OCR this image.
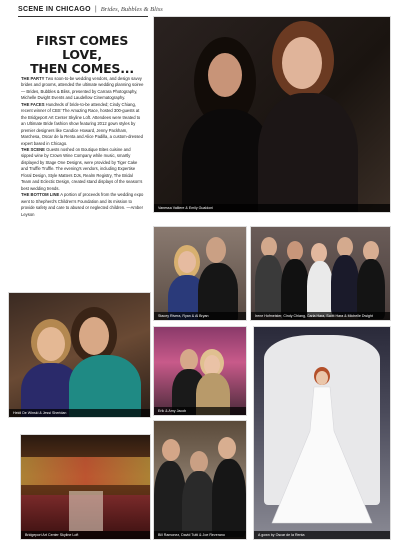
SCENE IN CHICAGO | Brides, Bubbles & Bliss
FIRST COMES LOVE,
THEN COMES...

THE PARTY Two soon-to-be wedding vendors, and design savvy brides and grooms, attended the ultimate wedding planning soiree — Brides, Bubbles & Bliss, presented by Carrara Photography, Michelle Dwight Events and Laudellow Cinematography.

THE FACES Hundreds of bride-to-be attended; Cindy Chiang, recent winner of CBS' The Amazing Race, hosted 300-guests at the Bridgeport Art Center Skyline Loft. Attendees were treated to an Ultimate Bride fashion show featuring 2012 gown styles by premier designers like Candice Howard, Jenny Packham, Marchesa, Oscar de la Renta and Alice Padilla, a custom-dressed expert based in Chicago.

THE SCENE Guests noshed on Boutique Bites cuisine and sipped wine by Crown Wine Company while music, smartly displayed by Stage One Designs, were provided by Tiger Cake and Truffle Truffle. The evening's vendors, including Expertise Floral Design, Style Matters DJs, Realm Registry, The Bridal Team and Eclectic Design, created stand displays of the season's best wedding trends.

THE BOTTOM LINE A portion of proceeds from the wedding expo went to Shepherd's Children's Foundation and its mission to provide safety and care to abused or neglected children. —Amber Leyson

Vanessa Valliere & Emily Gualdoni
Stacey Rivera, Ryan & Al Bryan	Irene Hofmeister, Cindy Chiang, Carla Hara, Scott Hara & Michelle Dwight
Heidi De Winski & Jessi Sheridan	Erik & Amy Jacob
A gown by Oscar de la Renta
Bridgeport Art Center Skyline Loft	Bill Ramonez, David Tutti & Joe Reverano
